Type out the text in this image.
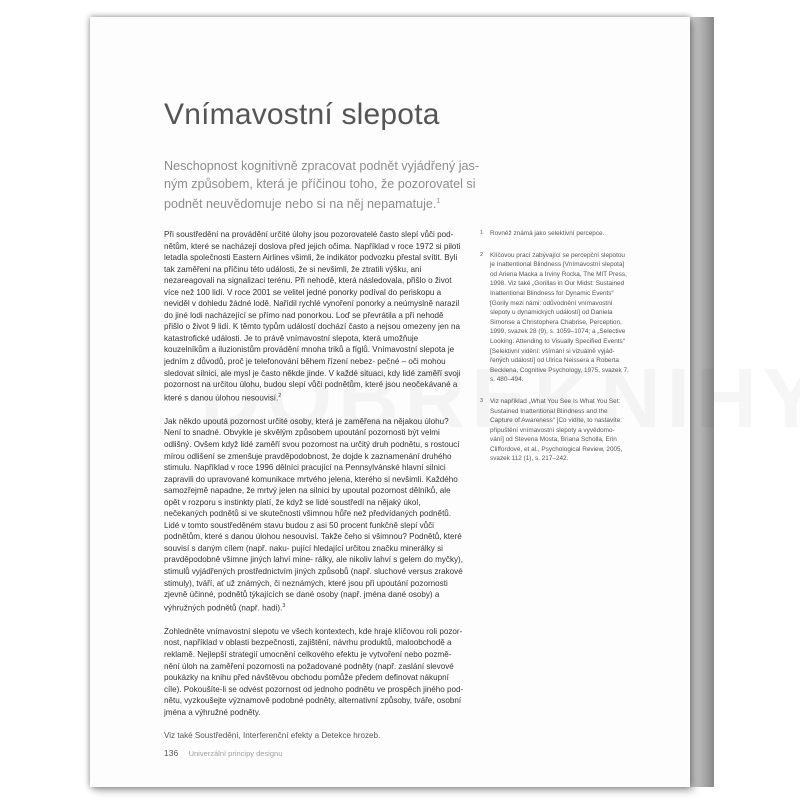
Vnímavostní slepota
Neschopnost kognitivně zpracovat podnět vyjádřený jas-
ným způsobem, která je příčinou toho, že pozorovatel si
podnět neuvědomuje nebo si na něj nepamatuje.$^1$

Při soustředění na provádění určité úlohy jsou pozorovatelé často slepí vůči pod- nětům, které se nacházejí doslova před jejich očima. Například v roce 1972 si piloti letadla společnosti Eastern Airlines všimli, že indikátor podvozku přestal svítit. Byli tak zaměřeni na příčinu této události, že si nevšimli, že ztratili výšku, ani nezareagovali na signalizaci terénu. Při nehodě, která následovala, přišlo o život více než 100 lidí. V roce 2001 se velitel jedné ponorky podíval do periskopu a neviděl v dohledu žádné lodě. Nařídil rychlé vynoření ponorky a neúmyslně narazil do jiné lodi nacházející se přímo nad ponorkou. Loď se převrátila a při nehodě přišlo o život 9 lidí. K těmto typům událostí dochází často a nejsou omezeny jen na katastrofické události. Je to právě vnímavostní slepota, která umožňuje kouzelníkům a iluzionistům provádění mnoha triků a fíglů. Vnímavostní slepota je jedním z důvodů, proč je telefonování během řízení nebez- pečné – oči mohou sledovat silnici, ale mysl je často někde jinde. V každé situaci, kdy lidé zaměří svoji pozornost na určitou úlohu, budou slepí vůči podnětům, které jsou neočekávané a které s danou úlohou nesouvisí.$^2$

Jak někdo upoutá pozornost určité osoby, která je zaměřena na nějakou úlohu? Není to snadné. Obvykle je skvělým způsobem upoutání pozornosti být velmi odlišný. Ovšem když lidé zaměří svou pozornost na určitý druh podnětu, s rostoucí mírou odlišení se zmenšuje pravděpodobnost, že dojde k zaznamenání druhého stimulu. Například v roce 1996 dělníci pracující na Pennsylvánské hlavní silnici zapravili do upravované komunikace mrtvého jelena, kterého si nevšimli. Každého samozřejmě napadne, že mrtvý jelen na silnici by upoutal pozornost dělníků, ale opět v rozporu s instinkty platí, že když se lidé soustředí na nějaký úkol, nečekaných podnětů si ve skutečnosti všimnou hůře než předvídaných podnětů. Lidé v tomto soustředěném stavu budou z asi 50 procent funkčně slepí vůči podnětům, které s danou úlohou nesouvisí. Takže čeho si všimnou? Podnětů, které souvisí s daným cílem (např. naku- pující hledající určitou značku minerálky si pravděpodobně všimne jiných lahví mine- rálky, ale nikoliv lahví s gelem do myčky), stimulů vyjádřených prostřednictvím jiných způsobů (např. sluchové versus zrakové stimuly), tváří, ať už známých, či neznámých, které jsou při upoutání pozornosti zjevně účinné, podnětů týkajících se dané osoby (např. jména dané osoby) a výhružných podnětů (např. hadi).$^3$

Zohledněte vnímavostní slepotu ve všech kontextech, kde hraje klíčovou roli pozor- nost, například v oblasti bezpečnosti, zajištění, návrhu produktů, maloobchodě a reklamě. Nejlepší strategií umocnění celkového efektu je vytvoření nebo pozmě- nění úloh na zaměření pozornosti na požadované podněty (např. zaslání slevové poukázky na knihu před návštěvou obchodu pomůže předem definovat nákupní cíle). Pokoušíte-li se odvést pozornost od jednoho podnětu ve prospěch jiného pod- nětu, vyzkoušejte významově podobné podněty, alternativní způsoby, tváře, osobní jména a výhružné podněty.

Viz také Soustředění, Interferenční efekty a Detekce hrozeb.

1 Rovněž známá jako selektivní percepce.
2 Klíčovou prací zabývající se percepční slepotou
je Inattentional Blindness [Vnímavostní slepota]
od Ariena Macka a Irviny Rocka, The MIT Press,
1998. Viz také „Gorillas in Our Midst: Sustained
Inattentional Blindness for Dynamic Events“
[Gorily mezi námi: odůvodnění vnímavostní
slepoty u dynamických událostí] od Daniela
Simonse a Christophera Chabrise, Perception,
1999, svazek 28 (9), s. 1059–1074; a „Selective
Looking: Attending to Visually Specified Events“
[Selektivní vidění: všímání si vizuálně vyjád-
řených událostí] od Ulrica Neissera a Roberta
Becklena, Cognitive Psychology, 1975, svazek 7,
s. 480–494.
3 Viz například „What You See Is What You Set:
Sustained Inattentional Blindness and the
Capture of Awareness“ [Co vidíte, to nastavíte:
připuštění vnímavostní slepoty a vyvědomo-
vání] od Stevena Mosta, Briana Scholla, Erin
Cliffordové, et al., Psychological Review, 2005,
svazek 112 (1), s. 217–242.
136 Univerzální principy designu
